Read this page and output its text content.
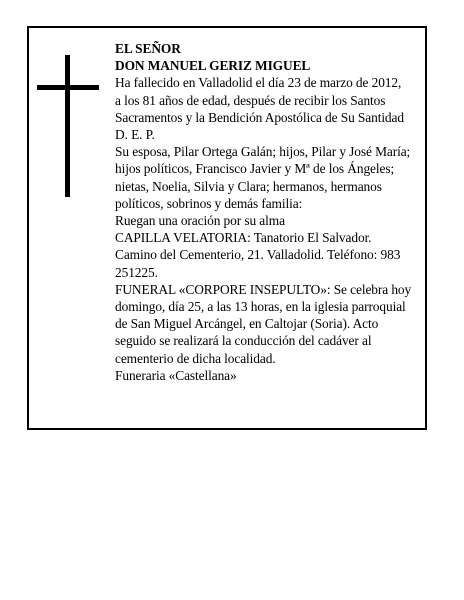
EL SEÑOR

DON MANUEL GERIZ MIGUEL

Ha fallecido en Valladolid el día 23 de marzo de 2012,

a los 81 años de edad, después de recibir los Santos

Sacramentos y la Bendición Apostólica de Su Santidad

D. E. P.

Su esposa, Pilar Ortega Galán; hijos, Pilar y José María;

hijos políticos, Francisco Javier y Mª de los Ángeles;

nietas, Noelia, Silvia y Clara; hermanos, hermanos

políticos, sobrinos y demás familia:

Ruegan una oración por su alma

CAPILLA VELATORIA: Tanatorio El Salvador.

Camino del Cementerio, 21. Valladolid. Teléfono: 983

251225.

FUNERAL «CORPORE INSEPULTO»: Se celebra hoy

domingo, día 25, a las 13 horas, en la iglesia parroquial

de San Miguel Arcángel, en Caltojar (Soria). Acto

seguido se realizará la conducción del cadáver al

cementerio de dicha localidad.

Funeraria «Castellana»
